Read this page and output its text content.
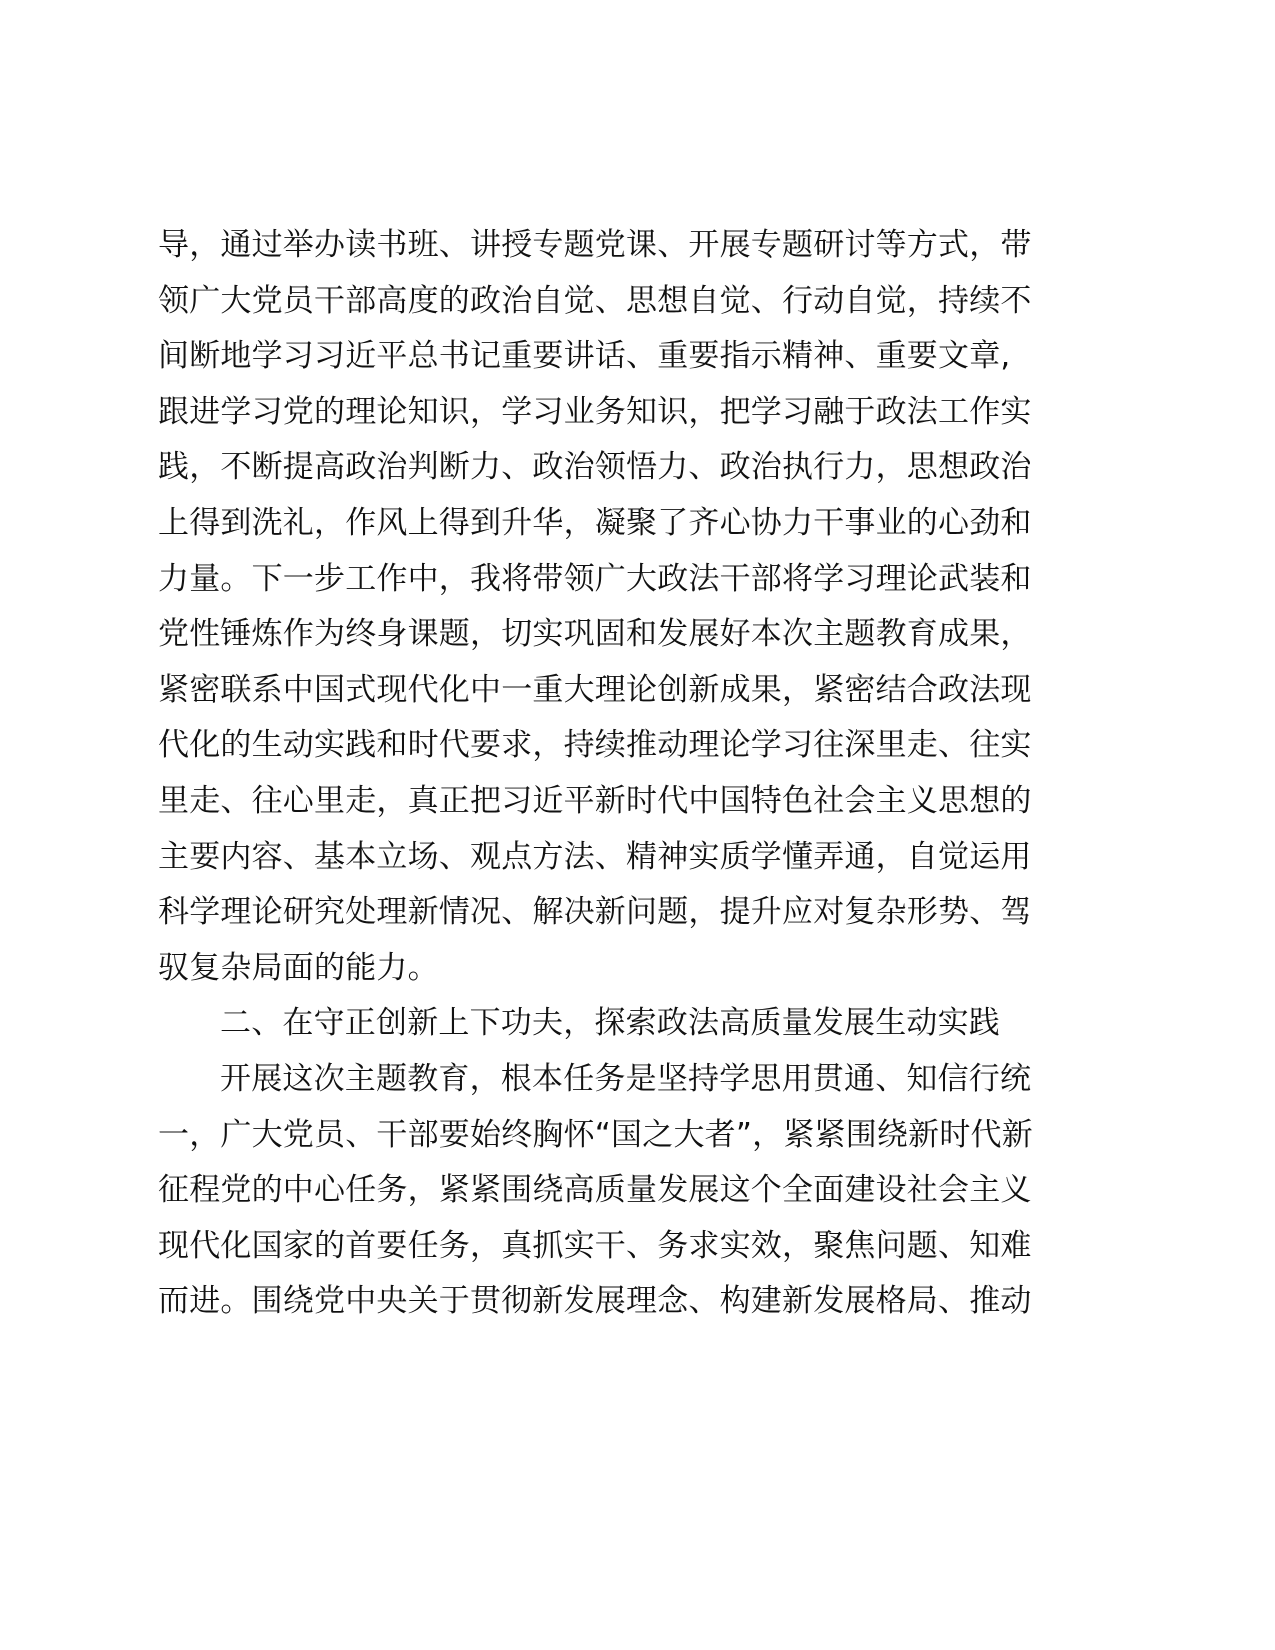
导，通过举办读书班、讲授专题党课、开展专题研讨等方式，带
领广大党员干部高度的政治自觉、思想自觉、行动自觉，持续不
间断地学习习近平总书记重要讲话、重要指示精神、重要文章,
跟进学习党的理论知识，学习业务知识，把学习融于政法工作实
践，不断提高政治判断力、政治领悟力、政治执行力，思想政治
上得到洗礼，作风上得到升华，凝聚了齐心协力干事业的心劲和
力量。下一步工作中，我将带领广大政法干部将学习理论武装和
党性锤炼作为终身课题，切实巩固和发展好本次主题教育成果，
紧密联系中国式现代化中一重大理论创新成果，紧密结合政法现
代化的生动实践和时代要求，持续推动理论学习往深里走、往实
里走、往心里走，真正把习近平新时代中国特色社会主义思想的
主要内容、基本立场、观点方法、精神实质学懂弄通，自觉运用
科学理论研究处理新情况、解决新问题，提升应对复杂形势、驾
驭复杂局面的能力。
二、在守正创新上下功夫，探索政法高质量发展生动实践
开展这次主题教育，根本任务是坚持学思用贯通、知信行统
一，广大党员、干部要始终胸怀“国之大者”，紧紧围绕新时代新
征程党的中心任务，紧紧围绕高质量发展这个全面建设社会主义
现代化国家的首要任务，真抓实干、务求实效，聚焦问题、知难
而进。围绕党中央关于贯彻新发展理念、构建新发展格局、推动
